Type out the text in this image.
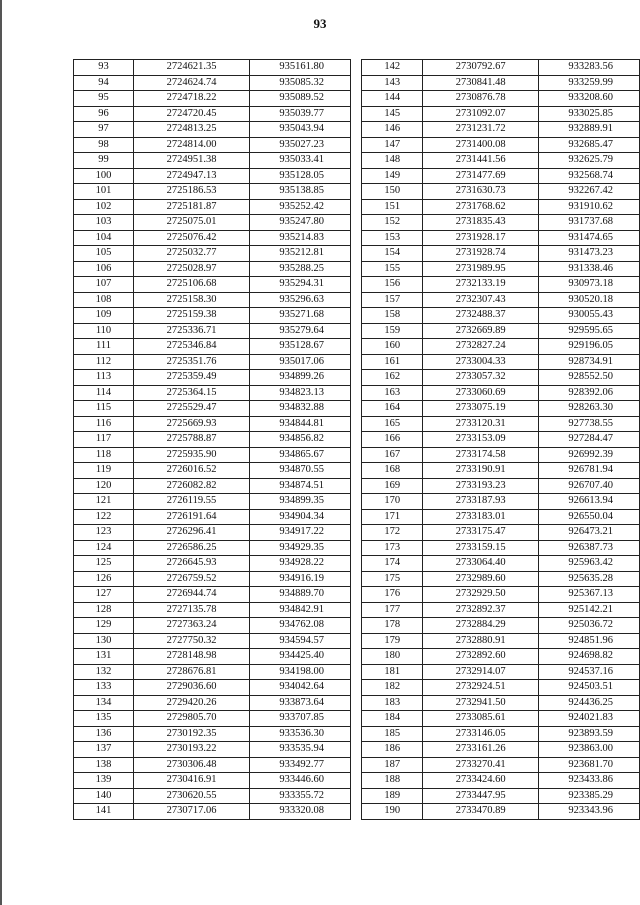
93
93	2724621.35	935161.80
94	2724624.74	935085.32
95	2724718.22	935089.52
96	2724720.45	935039.77
97	2724813.25	935043.94
98	2724814.00	935027.23
99	2724951.38	935033.41
100	2724947.13	935128.05
101	2725186.53	935138.85
102	2725181.87	935252.42
103	2725075.01	935247.80
104	2725076.42	935214.83
105	2725032.77	935212.81
106	2725028.97	935288.25
107	2725106.68	935294.31
108	2725158.30	935296.63
109	2725159.38	935271.68
110	2725336.71	935279.64
111	2725346.84	935128.67
112	2725351.76	935017.06
113	2725359.49	934899.26
114	2725364.15	934823.13
115	2725529.47	934832.88
116	2725669.93	934844.81
117	2725788.87	934856.82
118	2725935.90	934865.67
119	2726016.52	934870.55
120	2726082.82	934874.51
121	2726119.55	934899.35
122	2726191.64	934904.34
123	2726296.41	934917.22
124	2726586.25	934929.35
125	2726645.93	934928.22
126	2726759.52	934916.19
127	2726944.74	934889.70
128	2727135.78	934842.91
129	2727363.24	934762.08
130	2727750.32	934594.57
131	2728148.98	934425.40
132	2728676.81	934198.00
133	2729036.60	934042.64
134	2729420.26	933873.64
135	2729805.70	933707.85
136	2730192.35	933536.30
137	2730193.22	933535.94
138	2730306.48	933492.77
139	2730416.91	933446.60
140	2730620.55	933355.72
141	2730717.06	933320.08
142	2730792.67	933283.56
143	2730841.48	933259.99
144	2730876.78	933208.60
145	2731092.07	933025.85
146	2731231.72	932889.91
147	2731400.08	932685.47
148	2731441.56	932625.79
149	2731477.69	932568.74
150	2731630.73	932267.42
151	2731768.62	931910.62
152	2731835.43	931737.68
153	2731928.17	931474.65
154	2731928.74	931473.23
155	2731989.95	931338.46
156	2732133.19	930973.18
157	2732307.43	930520.18
158	2732488.37	930055.43
159	2732669.89	929595.65
160	2732827.24	929196.05
161	2733004.33	928734.91
162	2733057.32	928552.50
163	2733060.69	928392.06
164	2733075.19	928263.30
165	2733120.31	927738.55
166	2733153.09	927284.47
167	2733174.58	926992.39
168	2733190.91	926781.94
169	2733193.23	926707.40
170	2733187.93	926613.94
171	2733183.01	926550.04
172	2733175.47	926473.21
173	2733159.15	926387.73
174	2733064.40	925963.42
175	2732989.60	925635.28
176	2732929.50	925367.13
177	2732892.37	925142.21
178	2732884.29	925036.72
179	2732880.91	924851.96
180	2732892.60	924698.82
181	2732914.07	924537.16
182	2732924.51	924503.51
183	2732941.50	924436.25
184	2733085.61	924021.83
185	2733146.05	923893.59
186	2733161.26	923863.00
187	2733270.41	923681.70
188	2733424.60	923433.86
189	2733447.95	923385.29
190	2733470.89	923343.96
